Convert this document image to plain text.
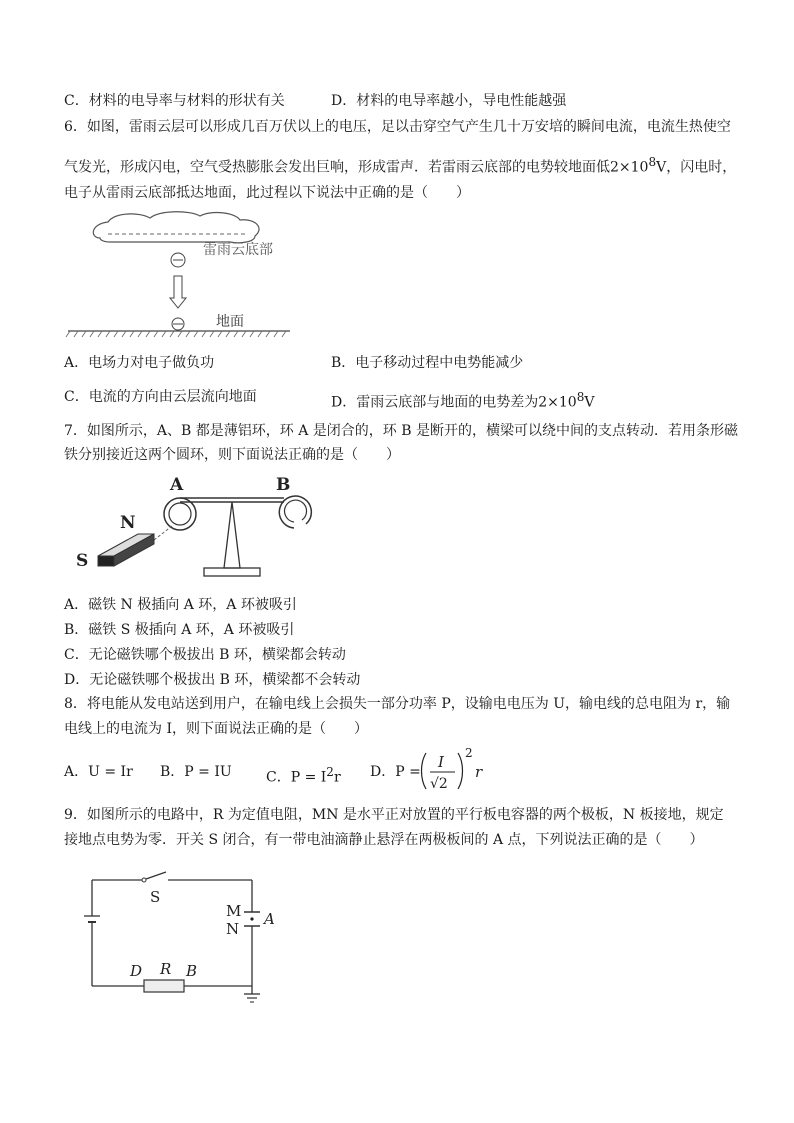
C．材料的电导率与材料的形状有关	D．材料的电导率越小，导电性能越强
6．如图，雷雨云层可以形成几百万伏以上的电压，足以击穿空气产生几十万安培的瞬间电流，电流生热使空
气发光，形成闪电，空气受热膨胀会发出巨响，形成雷声．若雷雨云底部的电势较地面低$2\times 10^8V$，闪电时，
电子从雷雨云底部抵达地面，此过程以下说法中正确的是（　　）
雷雨云底部
地面
A．电场力对电子做负功	B．电子移动过程中电势能减少
C．电流的方向由云层流向地面	D．雷雨云底部与地面的电势差为$2\times 10^8V$
7．如图所示，A、B 都是薄铝环，环 A 是闭合的，环 B 是断开的，横梁可以绕中间的支点转动．若用条形磁
铁分别接近这两个圆环，则下面说法正确的是（　　）
A	B
N
S
A．磁铁 N 极插向 A 环，A 环被吸引
B．磁铁 S 极插向 A 环，A 环被吸引
C．无论磁铁哪个极拔出 B 环，横梁都会转动
D．无论磁铁哪个极拔出 B 环，横梁都不会转动
8．将电能从发电站送到用户，在输电线上会损失一部分功率 P，设输电电压为 U，输电线的总电阻为 r，输
电线上的电流为 I，则下面说法正确的是（　　）
A．U = Ir B．P = IU C．$P = I^2r$ D．P =
I
√2
2
r
9．如图所示的电路中，R 为定值电阻，MN 是水平正对放置的平行板电容器的两个极板，N 板接地，规定
接地点电势为零．开关 S 闭合，有一带电油滴静止悬浮在两极板间的 A 点，下列说法正确的是（　　）
S
M
N
A
D R B
